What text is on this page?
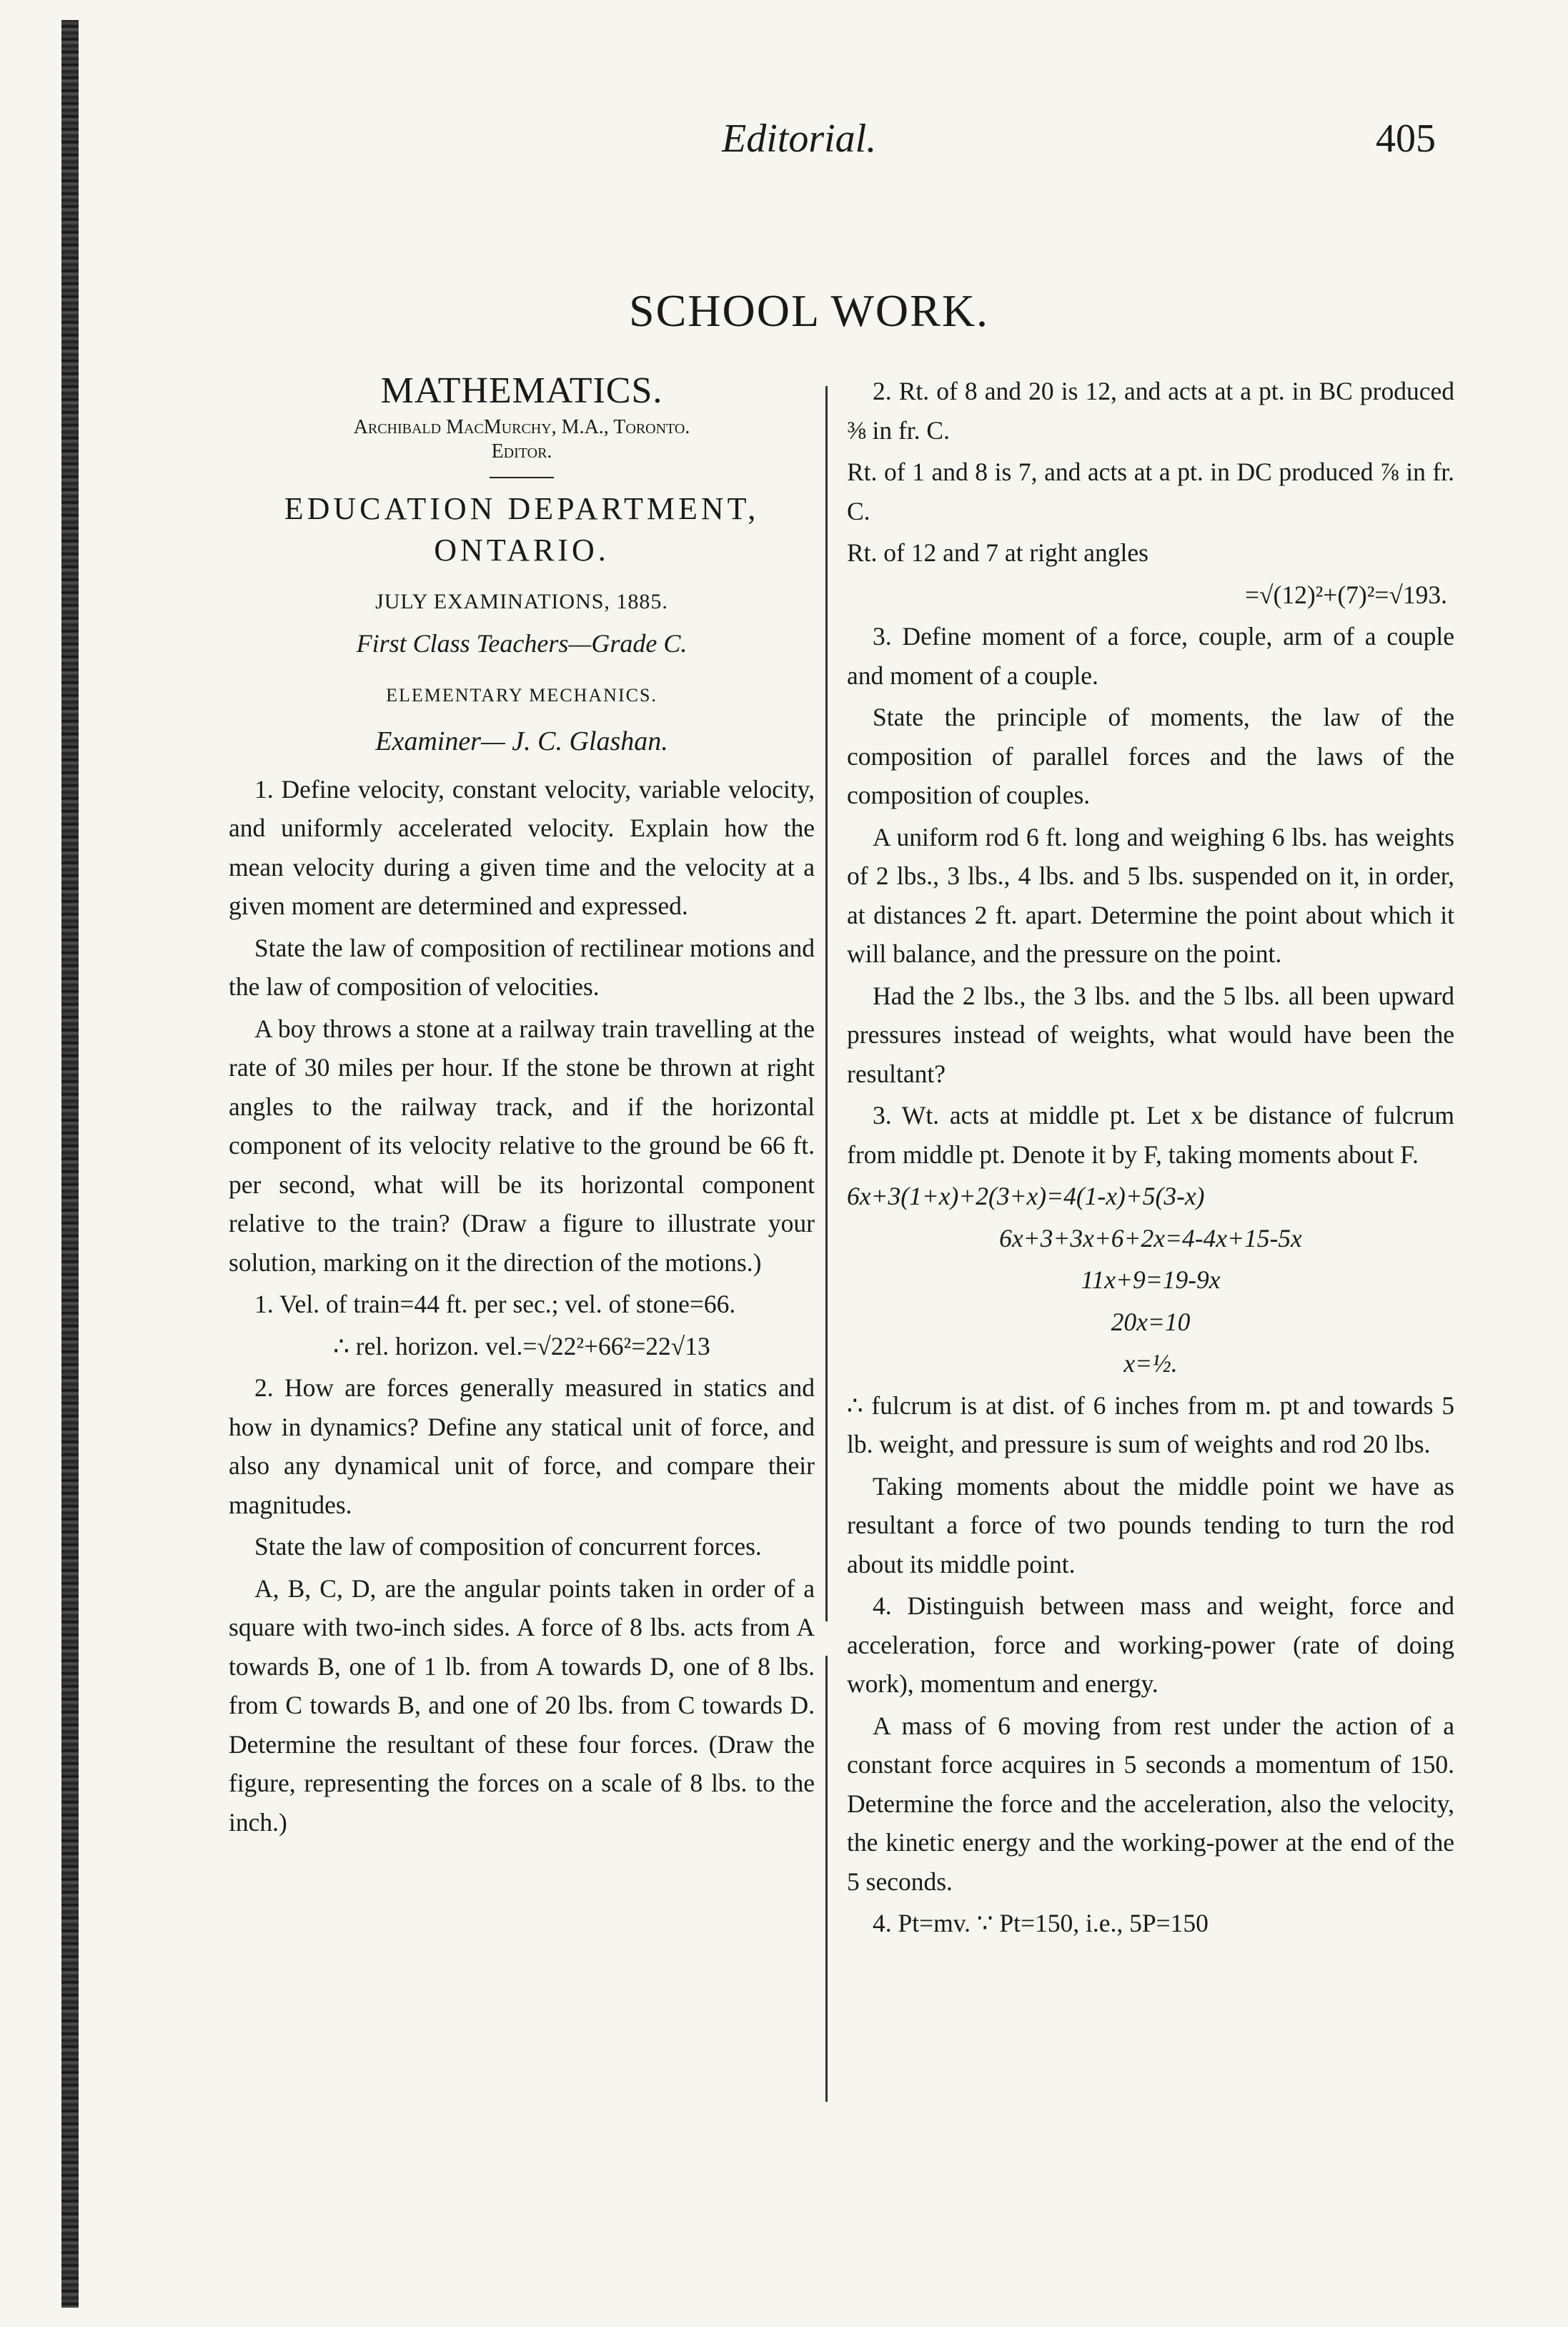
Editorial.	405
SCHOOL WORK.
MATHEMATICS.
Archibald MacMurchy, M.A., Toronto.
Editor.
EDUCATION DEPARTMENT,
ONTARIO.
JULY EXAMINATIONS, 1885.
First Class Teachers—Grade C.
ELEMENTARY MECHANICS.
Examiner— J. C. Glashan.

1. Define velocity, constant velocity, variable velocity, and uniformly accelerated velocity. Explain how the mean velocity during a given time and the velocity at a given moment are determined and expressed.

State the law of composition of rectilinear motions and the law of composition of velocities.

A boy throws a stone at a railway train travelling at the rate of 30 miles per hour. If the stone be thrown at right angles to the railway track, and if the horizontal component of its velocity relative to the ground be 66 ft. per second, what will be its horizontal component relative to the train? (Draw a figure to illustrate your solution, marking on it the direction of the motions.)

1. Vel. of train=44 ft. per sec.; vel. of stone=66.

∴ rel. horizon. vel.=√22²+66²=22√13

2. How are forces generally measured in statics and how in dynamics? Define any statical unit of force, and also any dynamical unit of force, and compare their magnitudes.

State the law of composition of concurrent forces.

A, B, C, D, are the angular points taken in order of a square with two-inch sides. A force of 8 lbs. acts from A towards B, one of 1 lb. from A towards D, one of 8 lbs. from C towards B, and one of 20 lbs. from C towards D. Determine the resultant of these four forces. (Draw the figure, representing the forces on a scale of 8 lbs. to the inch.)

2. Rt. of 8 and 20 is 12, and acts at a pt. in BC produced ⅜ in fr. C.

Rt. of 1 and 8 is 7, and acts at a pt. in DC produced ⅞ in fr. C.

Rt. of 12 and 7 at right angles

=√(12)²+(7)²=√193.

3. Define moment of a force, couple, arm of a couple and moment of a couple.

State the principle of moments, the law of the composition of parallel forces and the laws of the composition of couples.

A uniform rod 6 ft. long and weighing 6 lbs. has weights of 2 lbs., 3 lbs., 4 lbs. and 5 lbs. suspended on it, in order, at distances 2 ft. apart. Determine the point about which it will balance, and the pressure on the point.

Had the 2 lbs., the 3 lbs. and the 5 lbs. all been upward pressures instead of weights, what would have been the resultant?

3. Wt. acts at middle pt. Let x be distance of fulcrum from middle pt. Denote it by F, taking moments about F.

6x+3(1+x)+2(3+x)=4(1-x)+5(3-x)

6x+3+3x+6+2x=4-4x+15-5x

11x+9=19-9x

20x=10

x=½.

∴ fulcrum is at dist. of 6 inches from m. pt and towards 5 lb. weight, and pressure is sum of weights and rod 20 lbs.

Taking moments about the middle point we have as resultant a force of two pounds tending to turn the rod about its middle point.

4. Distinguish between mass and weight, force and acceleration, force and working-power (rate of doing work), momentum and energy.

A mass of 6 moving from rest under the action of a constant force acquires in 5 seconds a momentum of 150. Determine the force and the acceleration, also the velocity, the kinetic energy and the working-power at the end of the 5 seconds.

4. Pt=mv. ∵ Pt=150, i.e., 5P=150
